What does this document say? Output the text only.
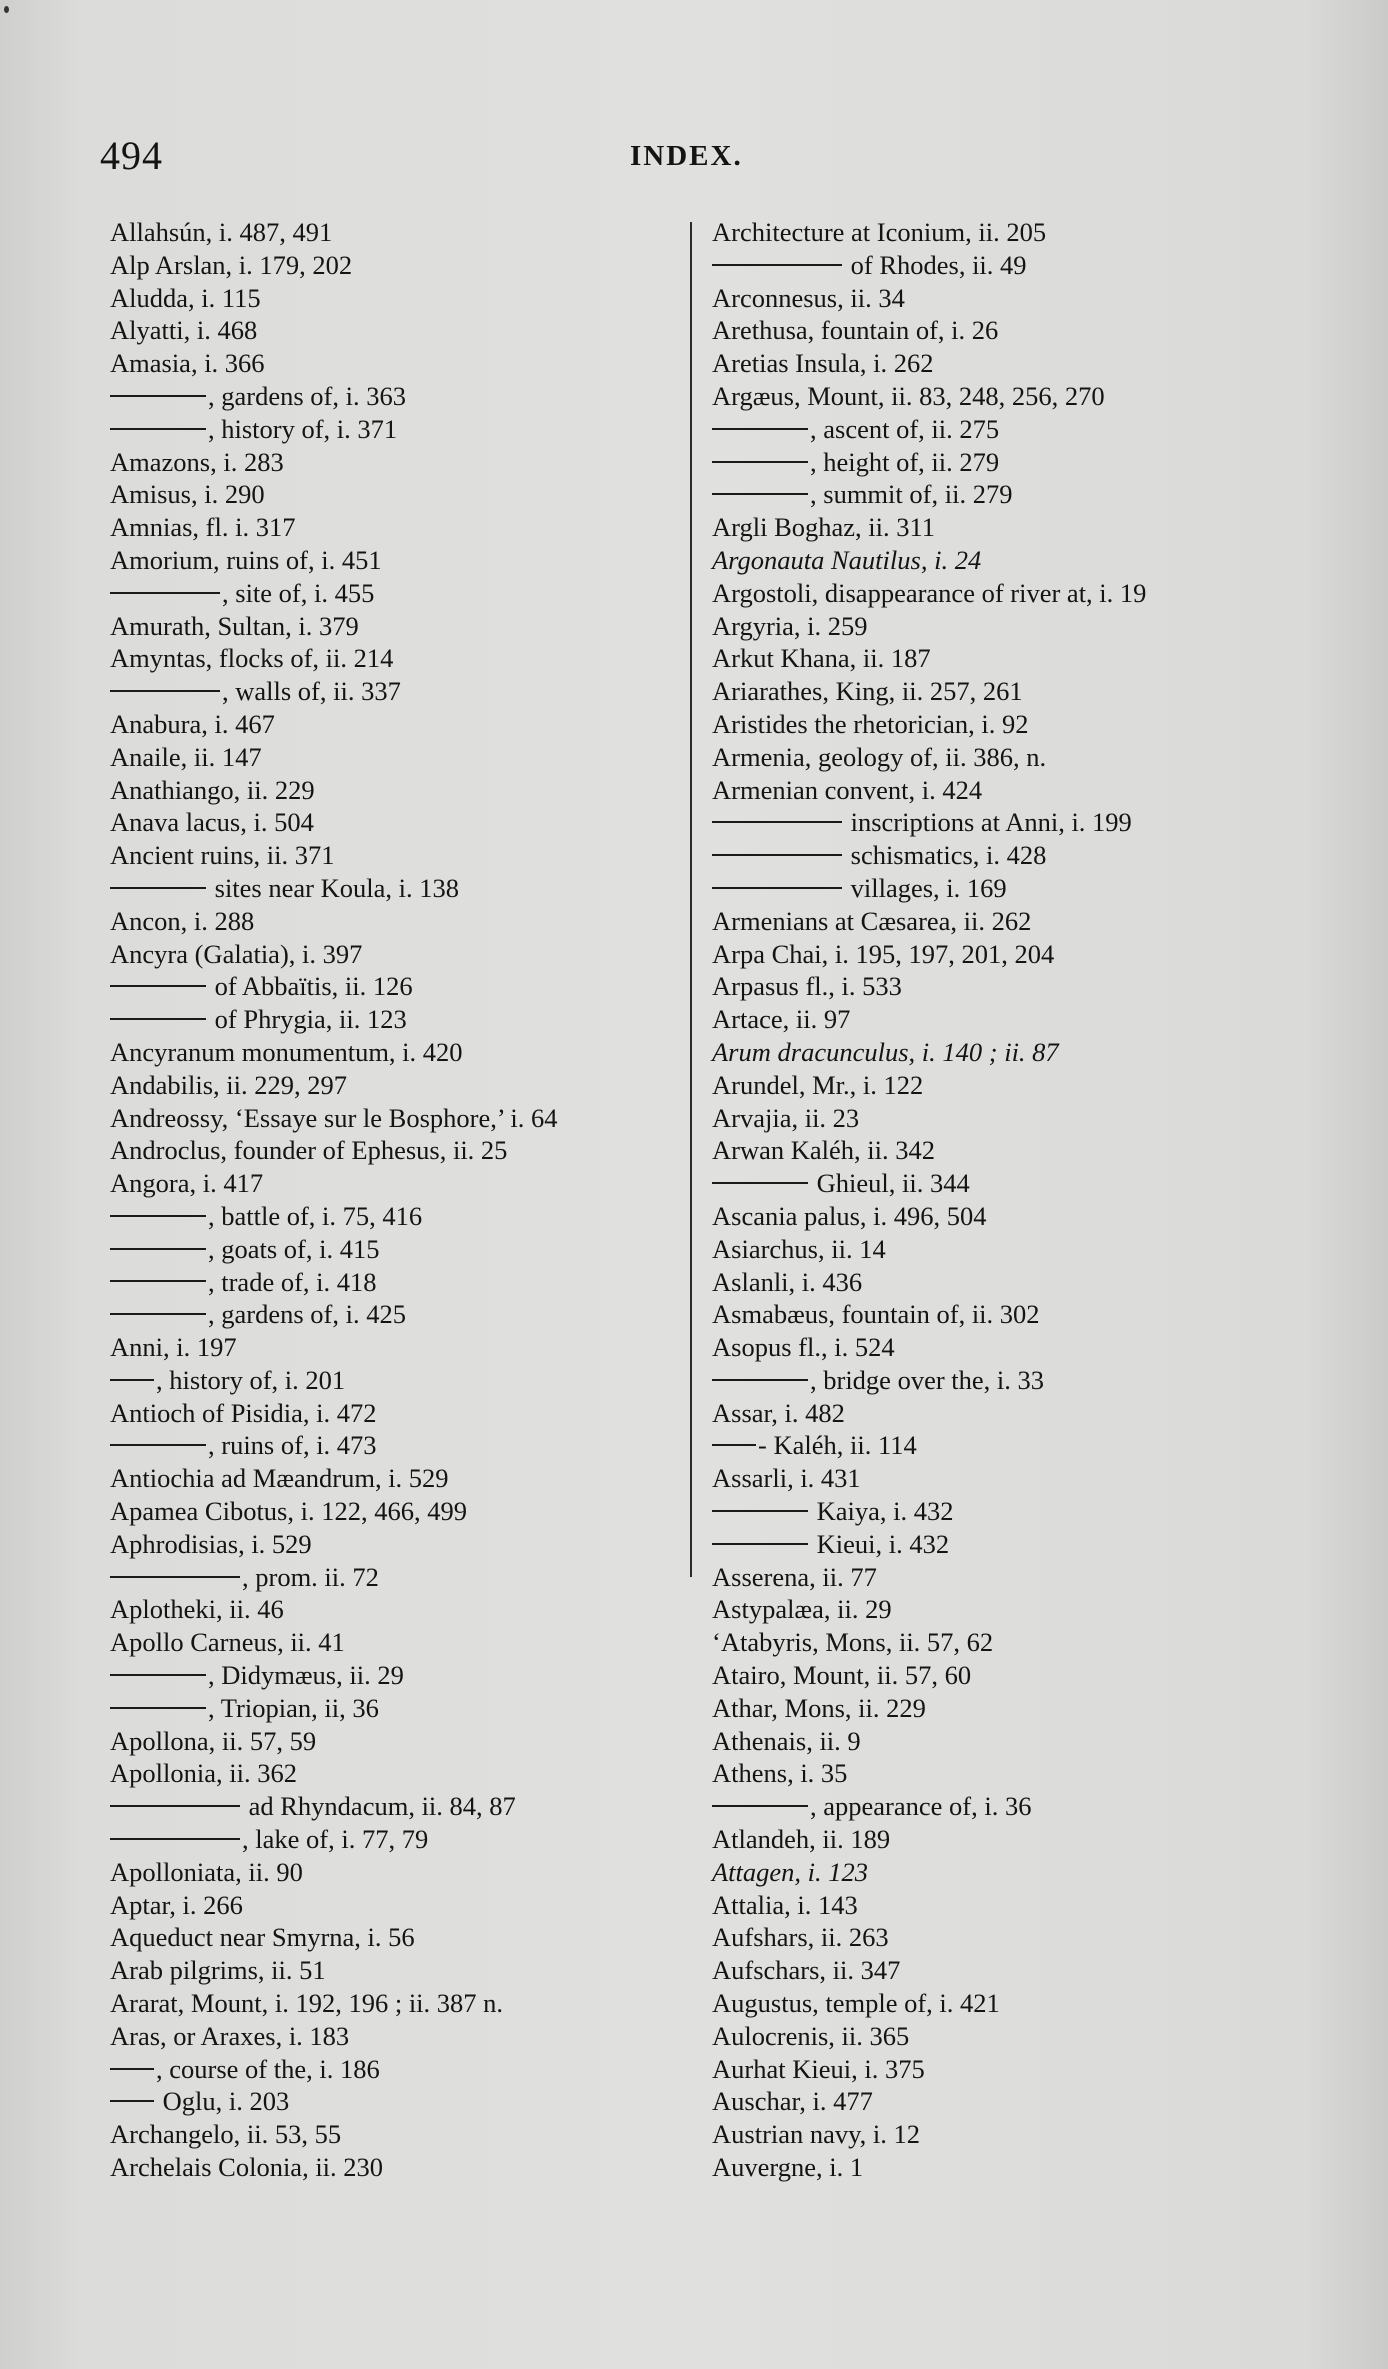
494	INDEX.
Allahsún, i. 487, 491
Alp Arslan, i. 179, 202
Aludda, i. 115
Alyatti, i. 468
Amasia, i. 366
, gardens of, i. 363
, history of, i. 371
Amazons, i. 283
Amisus, i. 290
Amnias, fl. i. 317
Amorium, ruins of, i. 451
, site of, i. 455
Amurath, Sultan, i. 379
Amyntas, flocks of, ii. 214
, walls of, ii. 337
Anabura, i. 467
Anaile, ii. 147
Anathiango, ii. 229
Anava lacus, i. 504
Ancient ruins, ii. 371
sites near Koula, i. 138
Ancon, i. 288
Ancyra (Galatia), i. 397
of Abbaïtis, ii. 126
of Phrygia, ii. 123
Ancyranum monumentum, i. 420
Andabilis, ii. 229, 297
Andreossy, ‘Essaye sur le Bosphore,’ i. 64
Androclus, founder of Ephesus, ii. 25
Angora, i. 417
, battle of, i. 75, 416
, goats of, i. 415
, trade of, i. 418
, gardens of, i. 425
Anni, i. 197
, history of, i. 201
Antioch of Pisidia, i. 472
, ruins of, i. 473
Antiochia ad Mæandrum, i. 529
Apamea Cibotus, i. 122, 466, 499
Aphrodisias, i. 529
, prom. ii. 72
Aplotheki, ii. 46
Apollo Carneus, ii. 41
, Didymæus, ii. 29
, Triopian, ii, 36
Apollona, ii. 57, 59
Apollonia, ii. 362
ad Rhyndacum, ii. 84, 87
, lake of, i. 77, 79
Apolloniata, ii. 90
Aptar, i. 266
Aqueduct near Smyrna, i. 56
Arab pilgrims, ii. 51
Ararat, Mount, i. 192, 196 ; ii. 387 n.
Aras, or Araxes, i. 183
, course of the, i. 186
Oglu, i. 203
Archangelo, ii. 53, 55
Archelais Colonia, ii. 230
Architecture at Iconium, ii. 205
of Rhodes, ii. 49
Arconnesus, ii. 34
Arethusa, fountain of, i. 26
Aretias Insula, i. 262
Argæus, Mount, ii. 83, 248, 256, 270
, ascent of, ii. 275
, height of, ii. 279
, summit of, ii. 279
Argli Boghaz, ii. 311
Argonauta Nautilus, i. 24
Argostoli, disappearance of river at, i. 19
Argyria, i. 259
Arkut Khana, ii. 187
Ariarathes, King, ii. 257, 261
Aristides the rhetorician, i. 92
Armenia, geology of, ii. 386, n.
Armenian convent, i. 424
inscriptions at Anni, i. 199
schismatics, i. 428
villages, i. 169
Armenians at Cæsarea, ii. 262
Arpa Chai, i. 195, 197, 201, 204
Arpasus fl., i. 533
Artace, ii. 97
Arum dracunculus, i. 140 ; ii. 87
Arundel, Mr., i. 122
Arvajia, ii. 23
Arwan Kaléh, ii. 342
Ghieul, ii. 344
Ascania palus, i. 496, 504
Asiarchus, ii. 14
Aslanli, i. 436
Asmabæus, fountain of, ii. 302
Asopus fl., i. 524
, bridge over the, i. 33
Assar, i. 482
- Kaléh, ii. 114
Assarli, i. 431
Kaiya, i. 432
Kieui, i. 432
Asserena, ii. 77
Astypalæa, ii. 29
‘Atabyris, Mons, ii. 57, 62
Atairo, Mount, ii. 57, 60
Athar, Mons, ii. 229
Athenais, ii. 9
Athens, i. 35
, appearance of, i. 36
Atlandeh, ii. 189
Attagen, i. 123
Attalia, i. 143
Aufshars, ii. 263
Aufschars, ii. 347
Augustus, temple of, i. 421
Aulocrenis, ii. 365
Aurhat Kieui, i. 375
Auschar, i. 477
Austrian navy, i. 12
Auvergne, i. 1
